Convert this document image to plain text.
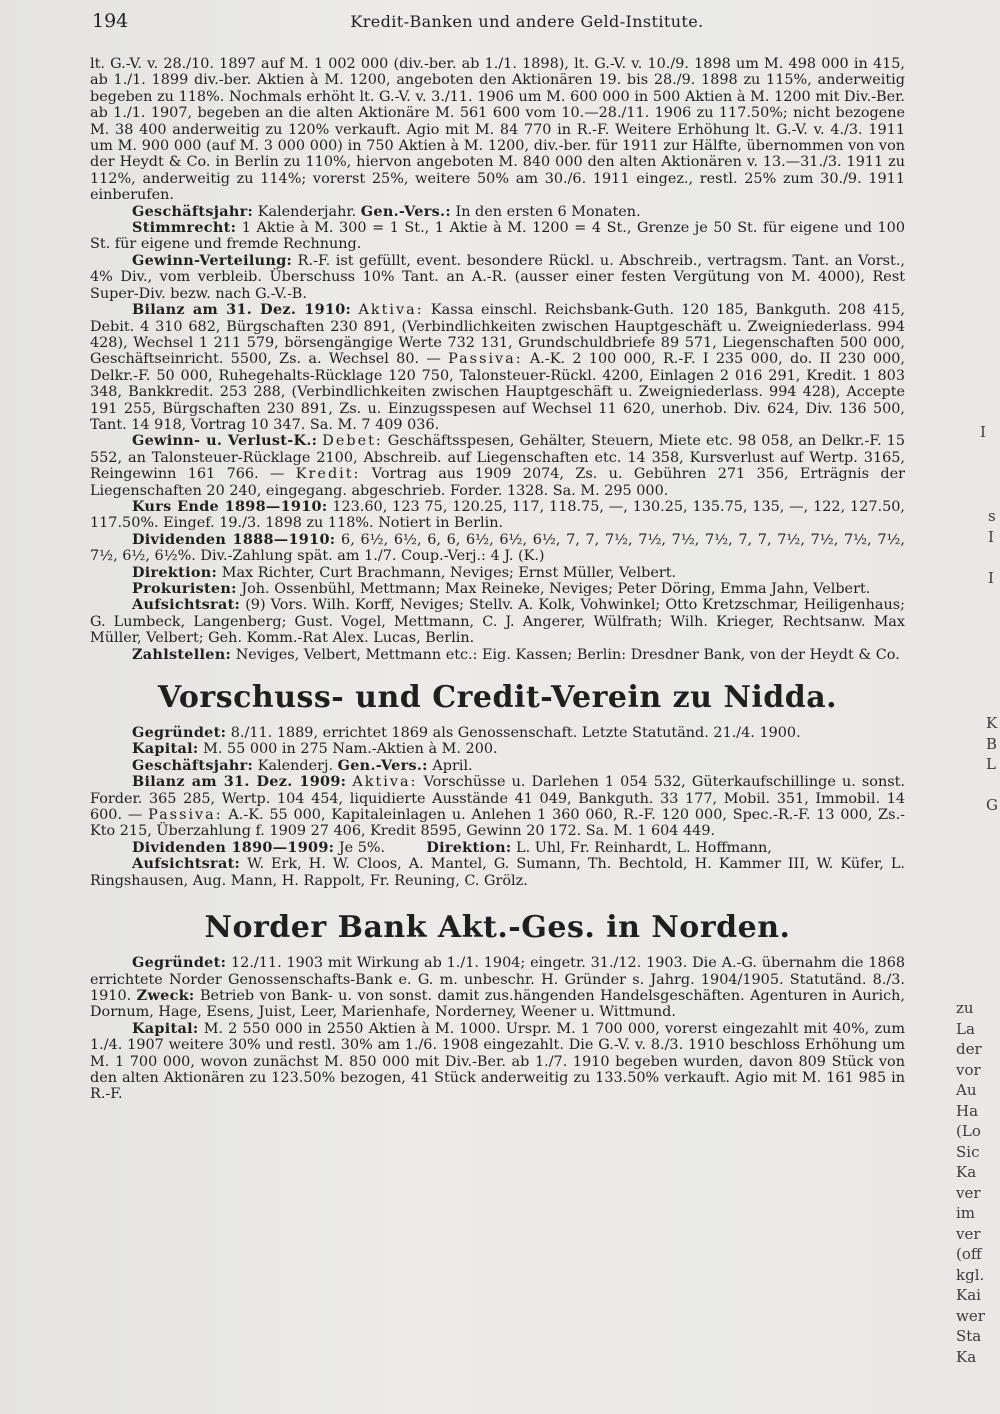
194	Kredit-Banken und andere Geld-Institute.

lt. G.-V. v. 28./10. 1897 auf M. 1 002 000 (div.-ber. ab 1./1. 1898), lt. G.-V. v. 10./9. 1898 um M. 498 000 in 415, ab 1./1. 1899 div.-ber. Aktien à M. 1200, angeboten den Aktionären 19. bis 28./9. 1898 zu 115%, anderweitig begeben zu 118%. Nochmals erhöht lt. G.-V. v. 3./11. 1906 um M. 600 000 in 500 Aktien à M. 1200 mit Div.-Ber. ab 1./1. 1907, begeben an die alten Aktionäre M. 561 600 vom 10.—28./11. 1906 zu 117.50%; nicht bezogene M. 38 400 anderweitig zu 120% verkauft. Agio mit M. 84 770 in R.-F. Weitere Erhöhung lt. G.-V. v. 4./3. 1911 um M. 900 000 (auf M. 3 000 000) in 750 Aktien à M. 1200, div.-ber. für 1911 zur Hälfte, übernommen von von der Heydt & Co. in Berlin zu 110%, hiervon angeboten M. 840 000 den alten Aktionären v. 13.—31./3. 1911 zu 112%, anderweitig zu 114%; vorerst 25%, weitere 50% am 30./6. 1911 eingez., restl. 25% zum 30./9. 1911 einberufen.

Geschäftsjahr: Kalenderjahr. Gen.-Vers.: In den ersten 6 Monaten.

Stimmrecht: 1 Aktie à M. 300 = 1 St., 1 Aktie à M. 1200 = 4 St., Grenze je 50 St. für eigene und 100 St. für eigene und fremde Rechnung.

Gewinn-Verteilung: R.-F. ist gefüllt, event. besondere Rückl. u. Abschreib., vertragsm. Tant. an Vorst., 4% Div., vom verbleib. Überschuss 10% Tant. an A.-R. (ausser einer festen Vergütung von M. 4000), Rest Super-Div. bezw. nach G.-V.-B.

Bilanz am 31. Dez. 1910: Aktiva: Kassa einschl. Reichsbank-Guth. 120 185, Bankguth. 208 415, Debit. 4 310 682, Bürgschaften 230 891, (Verbindlichkeiten zwischen Hauptgeschäft u. Zweigniederlass. 994 428), Wechsel 1 211 579, börsengängige Werte 732 131, Grundschuldbriefe 89 571, Liegenschaften 500 000, Geschäftseinricht. 5500, Zs. a. Wechsel 80. — Passiva: A.-K. 2 100 000, R.-F. I 235 000, do. II 230 000, Delkr.-F. 50 000, Ruhegehalts-Rücklage 120 750, Talonsteuer-Rückl. 4200, Einlagen 2 016 291, Kredit. 1 803 348, Bankkredit. 253 288, (Verbindlichkeiten zwischen Hauptgeschäft u. Zweigniederlass. 994 428), Accepte 191 255, Bürgschaften 230 891, Zs. u. Einzugsspesen auf Wechsel 11 620, unerhob. Div. 624, Div. 136 500, Tant. 14 918, Vortrag 10 347. Sa. M. 7 409 036.

Gewinn- u. Verlust-K.: Debet: Geschäftsspesen, Gehälter, Steuern, Miete etc. 98 058, an Delkr.-F. 15 552, an Talonsteuer-Rücklage 2100, Abschreib. auf Liegenschaften etc. 14 358, Kursverlust auf Wertp. 3165, Reingewinn 161 766. — Kredit: Vortrag aus 1909 2074, Zs. u. Gebühren 271 356, Erträgnis der Liegenschaften 20 240, eingegang. abgeschrieb. Forder. 1328. Sa. M. 295 000.

Kurs Ende 1898—1910: 123.60, 123 75, 120.25, 117, 118.75, —, 130.25, 135.75, 135, —, 122, 127.50, 117.50%. Eingef. 19./3. 1898 zu 118%. Notiert in Berlin.

Dividenden 1888—1910: 6, 6½, 6½, 6, 6, 6½, 6½, 6½, 7, 7, 7½, 7½, 7½, 7½, 7, 7, 7½, 7½, 7½, 7½, 7½, 6½, 6½%. Div.-Zahlung spät. am 1./7. Coup.-Verj.: 4 J. (K.)

Direktion: Max Richter, Curt Brachmann, Neviges; Ernst Müller, Velbert.

Prokuristen: Joh. Ossenbühl, Mettmann; Max Reineke, Neviges; Peter Döring, Emma Jahn, Velbert.

Aufsichtsrat: (9) Vors. Wilh. Korff, Neviges; Stellv. A. Kolk, Vohwinkel; Otto Kretzschmar, Heiligenhaus; G. Lumbeck, Langenberg; Gust. Vogel, Mettmann, C. J. Angerer, Wülfrath; Wilh. Krieger, Rechtsanw. Max Müller, Velbert; Geh. Komm.-Rat Alex. Lucas, Berlin.

Zahlstellen: Neviges, Velbert, Mettmann etc.: Eig. Kassen; Berlin: Dresdner Bank, von der Heydt & Co.

Vorschuss- und Credit-Verein zu Nidda.

Gegründet: 8./11. 1889, errichtet 1869 als Genossenschaft. Letzte Statutänd. 21./4. 1900.

Kapital: M. 55 000 in 275 Nam.-Aktien à M. 200.

Geschäftsjahr: Kalenderj. Gen.-Vers.: April.

Bilanz am 31. Dez. 1909: Aktiva: Vorschüsse u. Darlehen 1 054 532, Güterkaufschillinge u. sonst. Forder. 365 285, Wertp. 104 454, liquidierte Ausstände 41 049, Bankguth. 33 177, Mobil. 351, Immobil. 14 600. — Passiva: A.-K. 55 000, Kapitaleinlagen u. Anlehen 1 360 060, R.-F. 120 000, Spec.-R.-F. 13 000, Zs.-Kto 215, Überzahlung f. 1909 27 406, Kredit 8595, Gewinn 20 172. Sa. M. 1 604 449.

Dividenden 1890—1909: Je 5%.	Direktion: L. Uhl, Fr. Reinhardt, L. Hoffmann,

Aufsichtsrat: W. Erk, H. W. Cloos, A. Mantel, G. Sumann, Th. Bechtold, H. Kammer III, W. Küfer, L. Ringshausen, Aug. Mann, H. Rappolt, Fr. Reuning, C. Grölz.

Norder Bank Akt.-Ges. in Norden.

Gegründet: 12./11. 1903 mit Wirkung ab 1./1. 1904; eingetr. 31./12. 1903. Die A.-G. übernahm die 1868 errichtete Norder Genossenschafts-Bank e. G. m. unbeschr. H. Gründer s. Jahrg. 1904/1905. Statutänd. 8./3. 1910. Zweck: Betrieb von Bank- u. von sonst. damit zus.hängenden Handelsgeschäften. Agenturen in Aurich, Dornum, Hage, Esens, Juist, Leer, Marienhafe, Norderney, Weener u. Wittmund.

Kapital: M. 2 550 000 in 2550 Aktien à M. 1000. Urspr. M. 1 700 000, vorerst eingezahlt mit 40%, zum 1./4. 1907 weitere 30% und restl. 30% am 1./6. 1908 eingezahlt. Die G.-V. v. 8./3. 1910 beschloss Erhöhung um M. 1 700 000, wovon zunächst M. 850 000 mit Div.-Ber. ab 1./7. 1910 begeben wurden, davon 809 Stück von den alten Aktionären zu 123.50% bezogen, 41 Stück anderweitig zu 133.50% verkauft. Agio mit M. 161 985 in R.-F.

I
s
I

I
K
B
L

G
zu
La
der
vor
Au
Ha
(Lo
Sic
Ka
ver
im
ver
(off
kgl.
Kai
wer
Sta
Ka
